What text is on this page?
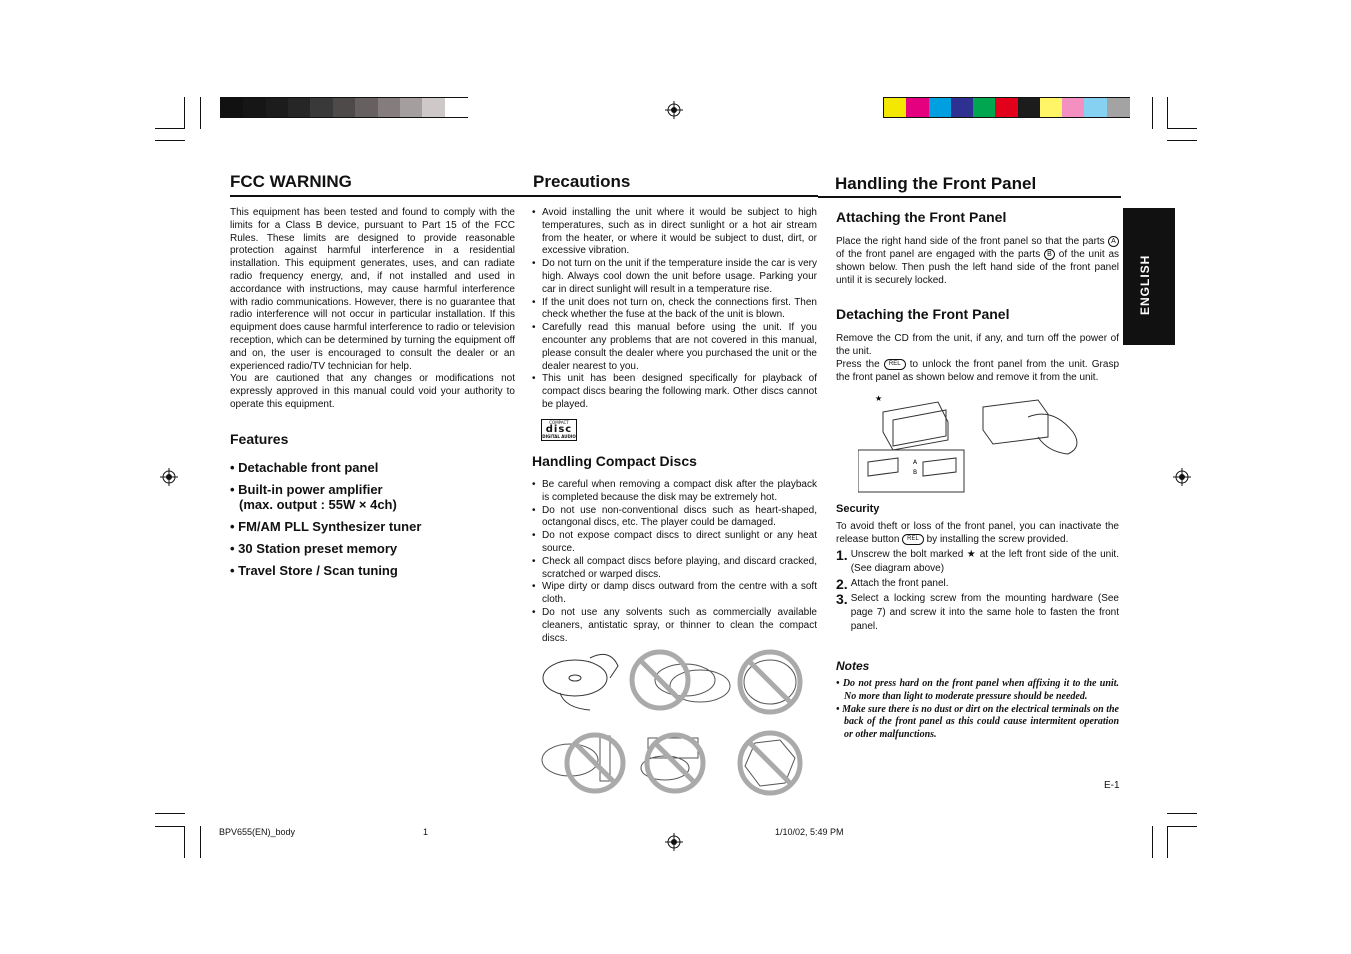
FCC WARNING

This equipment has been tested and found to comply with the limits for a Class B device, pursuant to Part 15 of the FCC Rules. These limits are designed to provide reasonable protection against harmful interference in a residential installation. This equipment generates, uses, and can radiate radio frequency energy, and, if not installed and used in accordance with instructions, may cause harmful interference with radio communications. However, there is no guarantee that radio interference will not occur in particular installation. If this equipment does cause harmful interference to radio or television reception, which can be determined by turning the equipment off and on, the user is encouraged to consult the dealer or an experienced radio/TV technician for help.

You are cautioned that any changes or modifications not expressly approved in this manual could void your authority to operate this equipment.

Features
• Detachable front panel
• Built-in power amplifier
(max. output : 55W × 4ch)
• FM/AM PLL Synthesizer tuner
• 30 Station preset memory
• Travel Store / Scan tuning
Precautions
• Avoid installing the unit where it would be subject to high temperatures, such as in direct sunlight or a hot air stream from the heater, or where it would be subject to dust, dirt, or excessive vibration.
• Do not turn on the unit if the temperature inside the car is very high. Always cool down the unit before usage. Parking your car in direct sunlight will result in a temperature rise.
• If the unit does not turn on, check the connections first. Then check whether the fuse at the back of the unit is blown.
• Carefully read this manual before using the unit. If you encounter any problems that are not covered in this manual, please consult the dealer where you purchased the unit or the dealer nearest to you.
• This unit has been designed specifically for playback of compact discs bearing the following mark. Other discs cannot be played.
COMPACT
disc
DIGITAL AUDIO
Handling Compact Discs
• Be careful when removing a compact disk after the playback is completed because the disk may be extremely hot.
• Do not use non-conventional discs such as heart-shaped, octangonal discs, etc. The player could be damaged.
• Do not expose compact discs to direct sunlight or any heat source.
• Check all compact discs before playing, and discard cracked, scratched or warped discs.
• Wipe dirty or damp discs outward from the centre with a soft cloth.
• Do not use any solvents such as commercially available cleaners, antistatic spray, or thinner to clean the compact discs.
Handling the Front Panel
Attaching the Front Panel

Place the right hand side of the front panel so that the parts A of the front panel are engaged with the parts B of the unit as shown below. Then push the left hand side of the front panel until it is securely locked.

Detaching the Front Panel

Remove the CD from the unit, if any, and turn off the power of the unit.

Press the REL to unlock the front panel from the unit. Grasp the front panel as shown below and remove it from the unit.

★
A
B
Security

To avoid theft or loss of the front panel, you can inactivate the release button REL by installing the screw provided.

1. Unscrew the bolt marked ★ at the left front side of the unit. (See diagram above)
2. Attach the front panel.
3. Select a locking screw from the mounting hardware (See page 7) and screw it into the same hole to fasten the front panel.
Notes
• Do not press hard on the front panel when affixing it to the unit. No more than light to moderate pressure should be needed.
• Make sure there is no dust or dirt on the electrical terminals on the back of the front panel as this could cause intermitent operation or other malfunctions.
ENGLISH
E-1
BPV655(EN)_body	1	1/10/02, 5:49 PM
